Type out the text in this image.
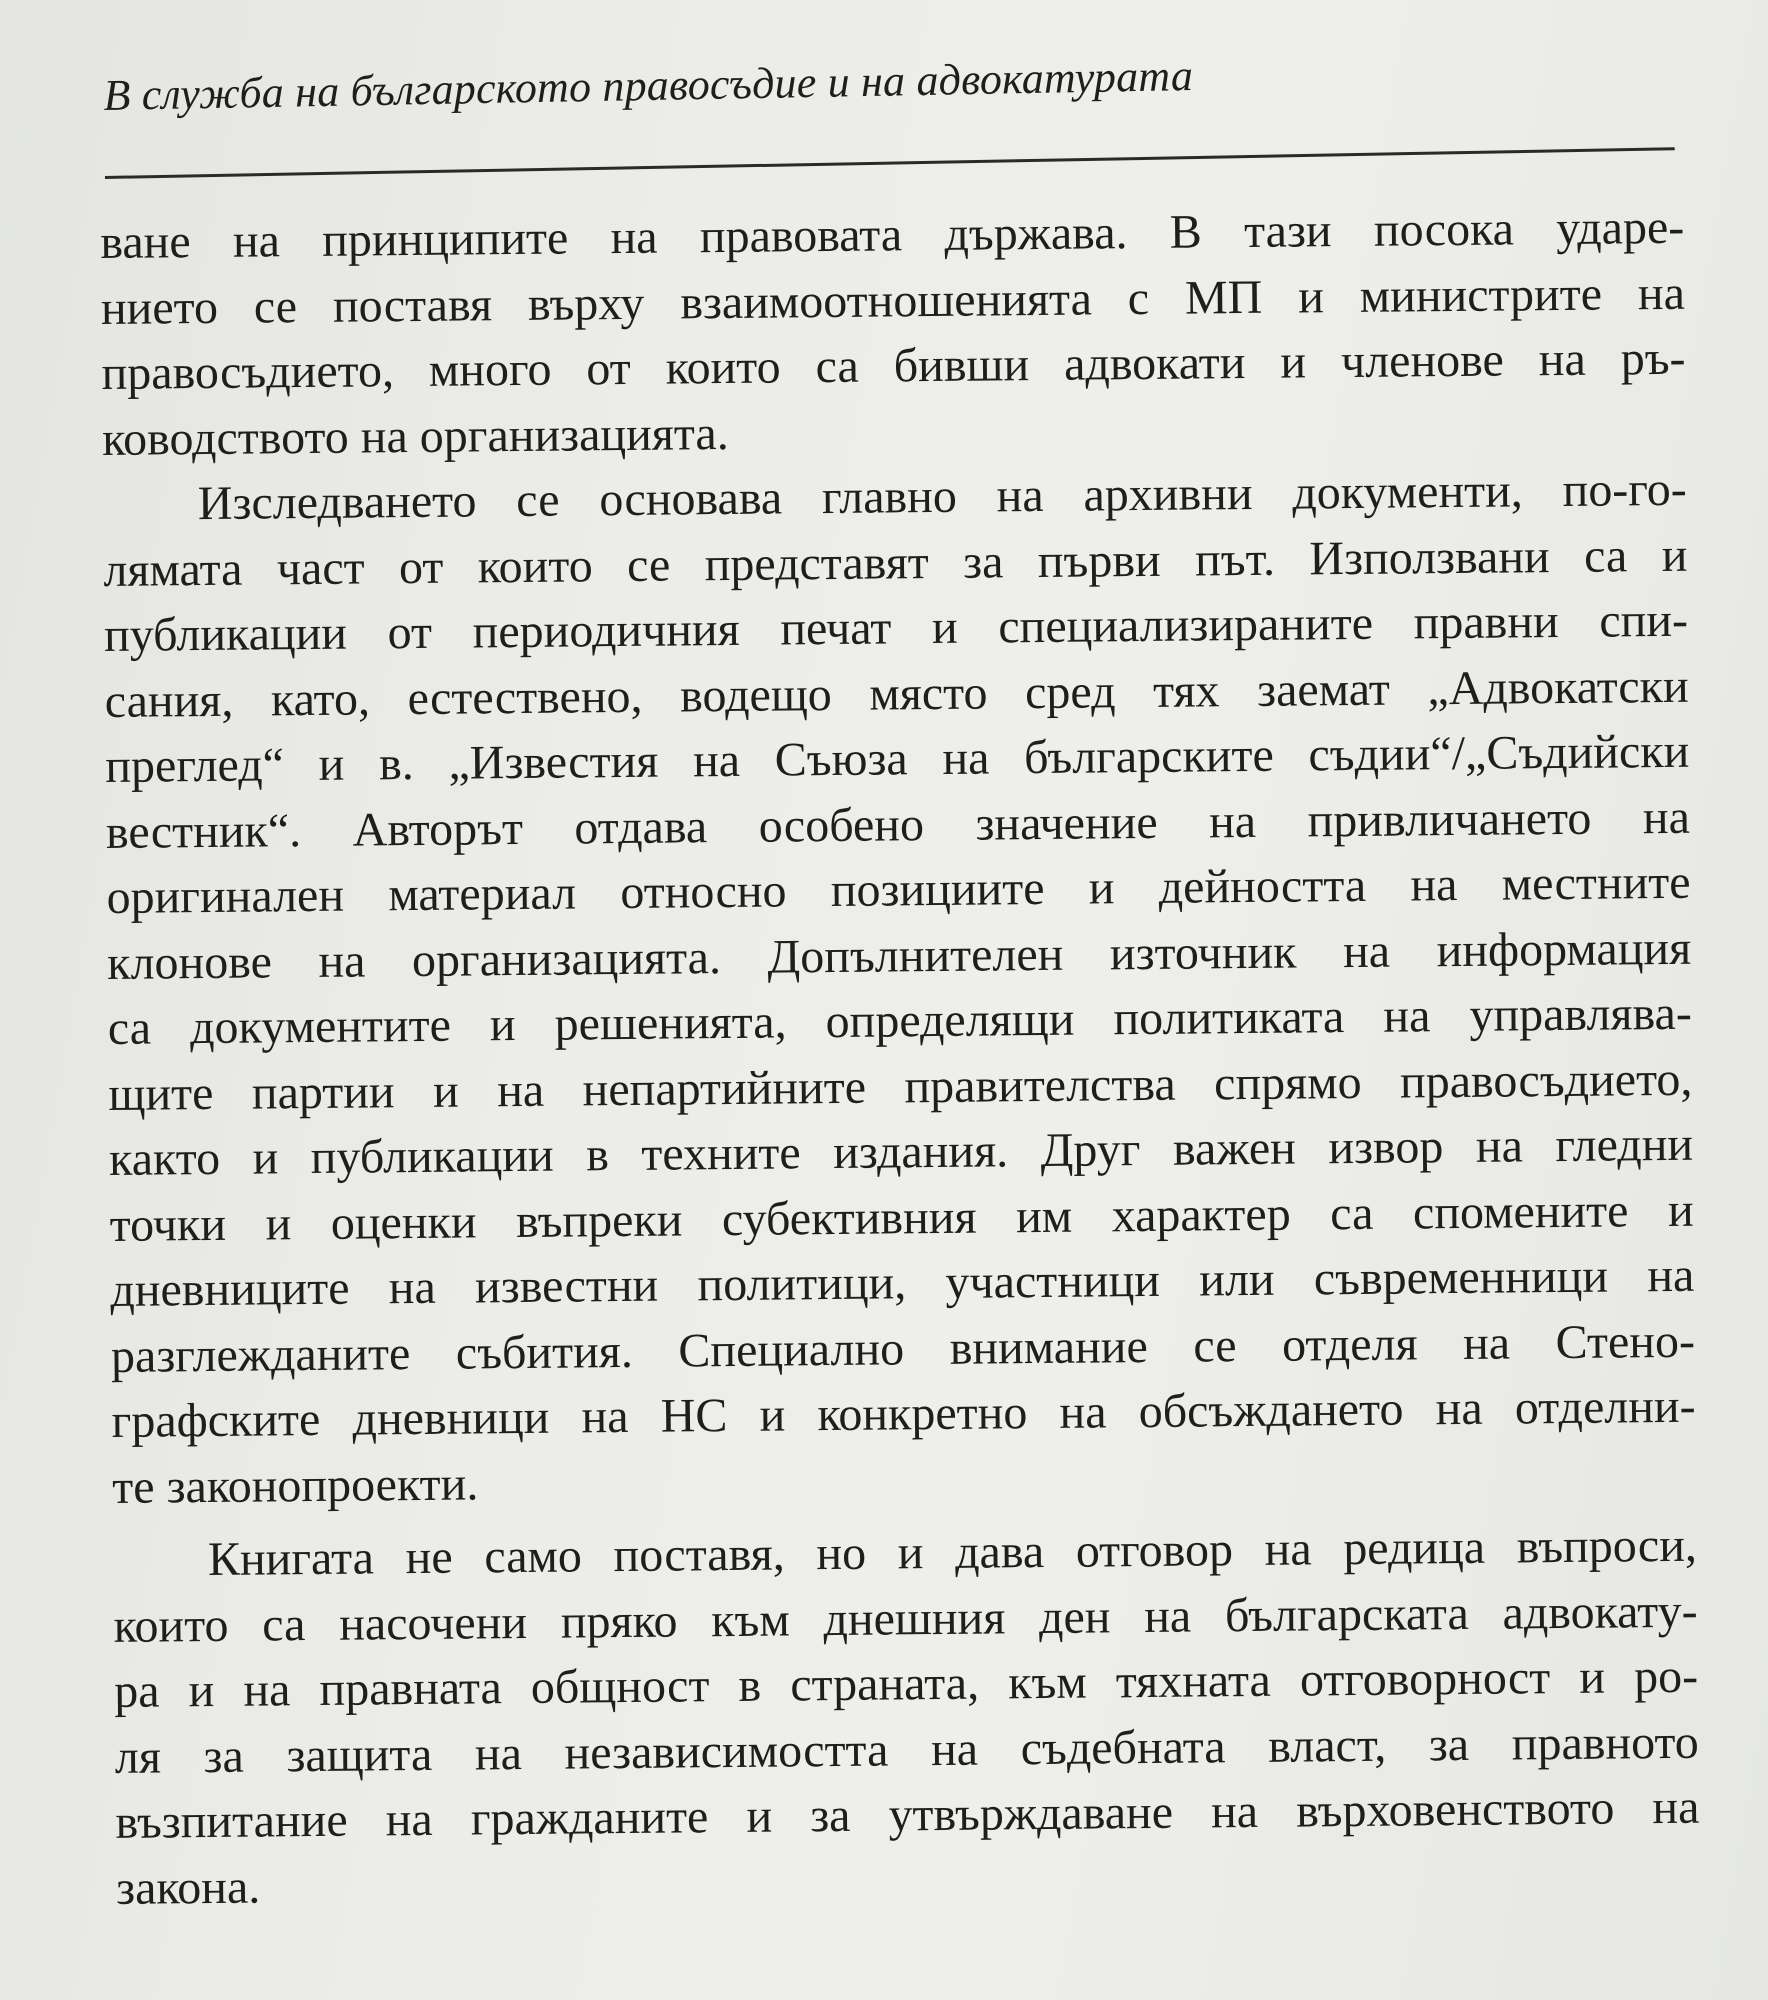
В служба на българското правосъдие и на адвокатурата
ване на принципите на правовата държава. В тази посока ударе-
нието се поставя върху взаимоотношенията с МП и министрите на
правосъдието, много от които са бивши адвокати и членове на ръ-
ководството на организацията.
Изследването се основава главно на архивни документи, по-го-
лямата част от които се представят за първи път. Използвани са и
публикации от периодичния печат и специализираните правни спи-
сания, като, естествено, водещо място сред тях заемат „Адвокатски
преглед“ и в. „Известия на Съюза на българските съдии“/„Съдийски
вестник“. Авторът отдава особено значение на привличането на
оригинален материал относно позициите и дейността на местните
клонове на организацията. Допълнителен източник на информация
са документите и решенията, определящи политиката на управлява-
щите партии и на непартийните правителства спрямо правосъдието,
както и публикации в техните издания. Друг важен извор на гледни
точки и оценки въпреки субективния им характер са спомените и
дневниците на известни политици, участници или съвременници на
разглежданите събития. Специално внимание се отделя на Стено-
графските дневници на НС и конкретно на обсъждането на отделни-
те законопроекти.
Книгата не само поставя, но и дава отговор на редица въпроси,
които са насочени пряко към днешния ден на българската адвокату-
ра и на правната общност в страната, към тяхната отговорност и ро-
ля за защита на независимостта на съдебната власт, за правното
възпитание на гражданите и за утвърждаване на върховенството на
закона.
